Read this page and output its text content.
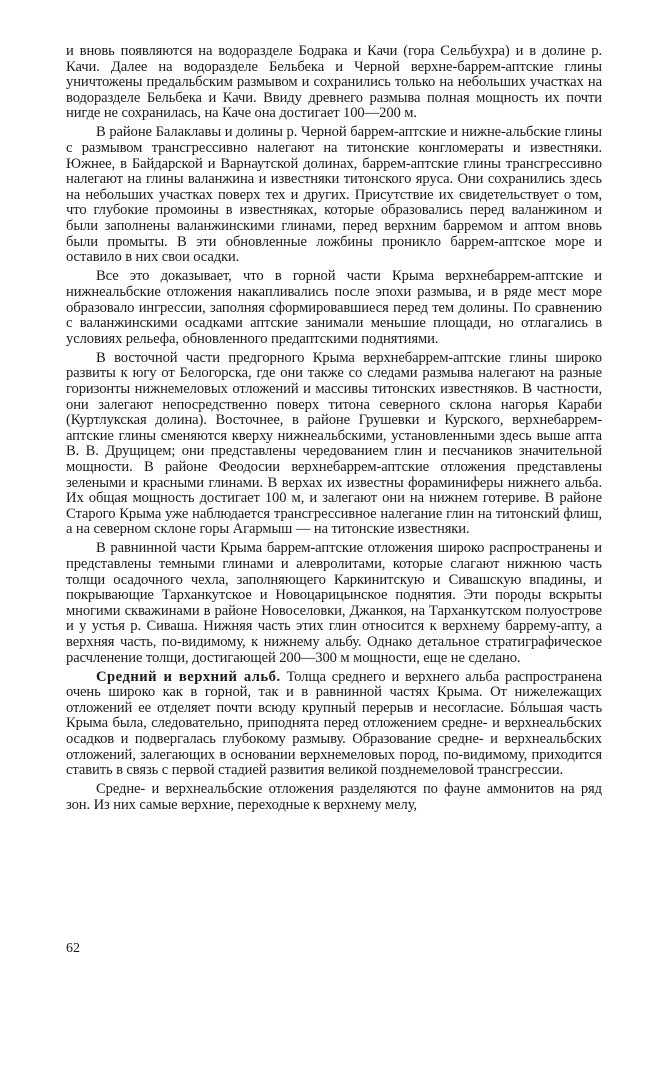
и вновь появляются на водоразделе Бодрака и Качи (гора Сельбухра) и в долине р. Качи. Далее на водоразделе Бельбека и Черной верхне-баррем-аптские глины уничтожены предальбским размывом и сохранились только на небольших участках на водоразделе Бельбека и Качи. Ввиду древнего размыва полная мощность их почти нигде не сохранилась, на Каче она достигает 100—200 м.

В районе Балаклавы и долины р. Черной баррем-аптские и нижне-альбские глины с размывом трансгрессивно налегают на титонские конгломераты и известняки. Южнее, в Байдарской и Варнаутской долинах, баррем-аптские глины трансгрессивно налегают на глины валанжина и известняки титонского яруса. Они сохранились здесь на небольших участках поверх тех и других. Присутствие их свидетельствует о том, что глубокие промоины в известняках, которые образовались перед валанжином и были заполнены валанжинскими глинами, перед верхним барремом и аптом вновь были промыты. В эти обновленные ложбины проникло баррем-аптское море и оставило в них свои осадки.

Все это доказывает, что в горной части Крыма верхнебаррем-аптские и нижнеальбские отложения накапливались после эпохи размыва, и в ряде мест море образовало ингрессии, заполняя сформировавшиеся перед тем долины. По сравнению с валанжинскими осадками аптские занимали меньшие площади, но отлагались в условиях рельефа, обновленного предаптскими поднятиями.

В восточной части предгорного Крыма верхнебаррем-аптские глины широко развиты к югу от Белогорска, где они также со следами размыва налегают на разные горизонты нижнемеловых отложений и массивы титонских известняков. В частности, они залегают непосредственно поверх титона северного склона нагорья Караби (Куртлукская долина). Восточнее, в районе Грушевки и Курского, верхнебаррем-аптские глины сменяются кверху нижнеальбскими, установленными здесь выше апта В. В. Друщицем; они представлены чередованием глин и песчаников значительной мощности. В районе Феодосии верхнебаррем-аптские отложения представлены зелеными и красными глинами. В верхах их известны фораминиферы нижнего альба. Их общая мощность достигает 100 м, и залегают они на нижнем готериве. В районе Старого Крыма уже наблюдается трансгрессивное налегание глин на титонский флиш, а на северном склоне горы Агармыш — на титонские известняки.

В равнинной части Крыма баррем-аптские отложения широко распространены и представлены темными глинами и алевролитами, которые слагают нижнюю часть толщи осадочного чехла, заполняющего Каркинитскую и Сивашскую впадины, и покрывающие Тарханкутское и Новоцарицынское поднятия. Эти породы вскрыты многими скважинами в районе Новоселовки, Джанкоя, на Тарханкутском полуострове и у устья р. Сиваша. Нижняя часть этих глин относится к верхнему баррему-апту, а верхняя часть, по-видимому, к нижнему альбу. Однако детальное стратиграфическое расчленение толщи, достигающей 200—300 м мощности, еще не сделано.

Средний и верхний альб. Толща среднего и верхнего альба распространена очень широко как в горной, так и в равнинной частях Крыма. От нижележащих отложений ее отделяет почти всюду крупный перерыв и несогласие. Бóльшая часть Крыма была, следовательно, приподнята перед отложением средне- и верхнеальбских осадков и подвергалась глубокому размыву. Образование средне- и верхнеальбских отложений, залегающих в основании верхнемеловых пород, по-видимому, приходится ставить в связь с первой стадией развития великой позднемеловой трансгрессии.

Средне- и верхнеальбские отложения разделяются по фауне аммонитов на ряд зон. Из них самые верхние, переходные к верхнему мелу,

62
